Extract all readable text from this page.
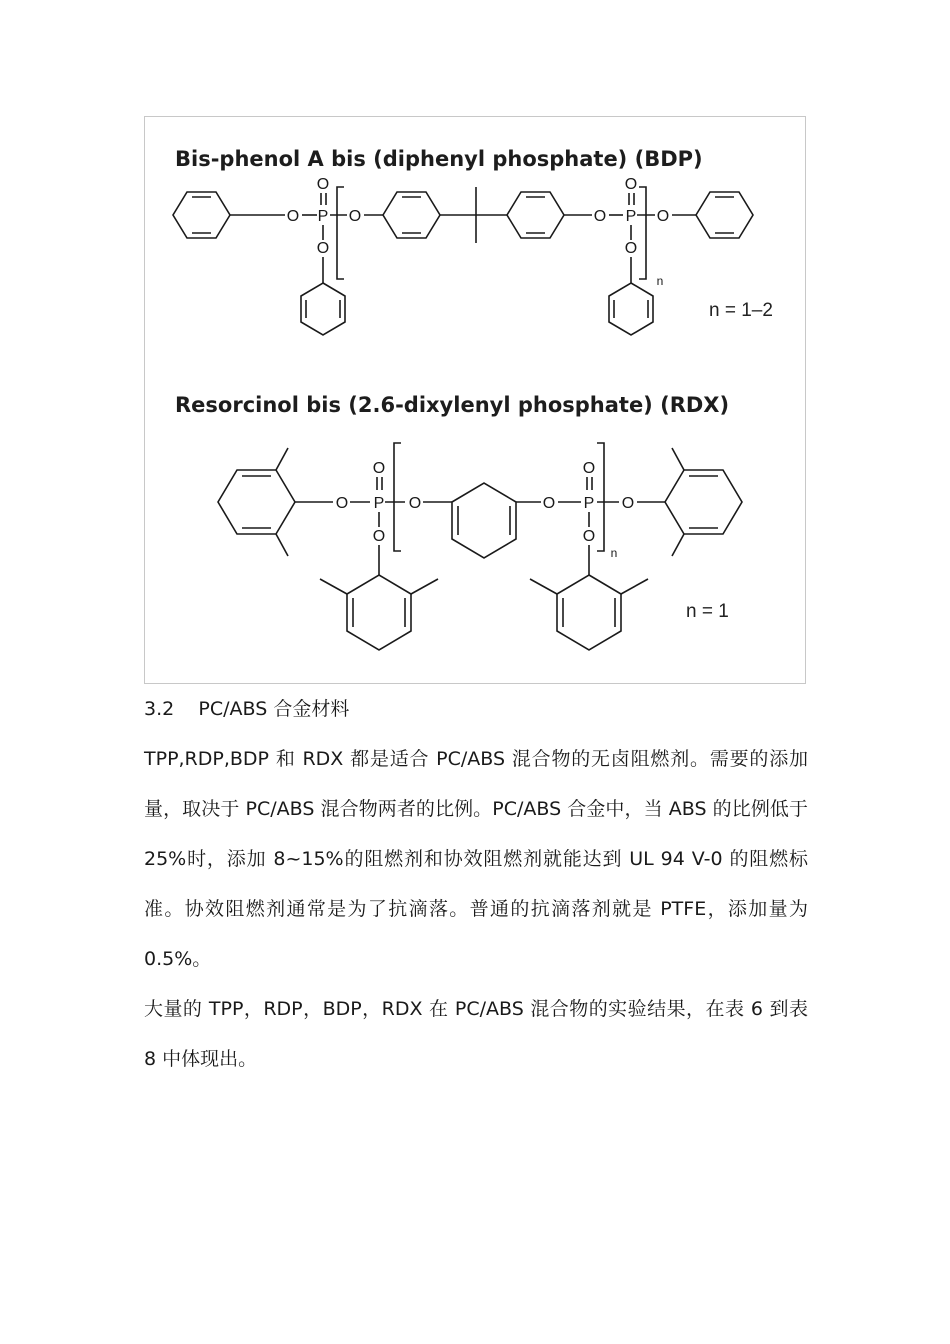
Bis-phenol A bis (diphenyl phosphate) (BDP)
Resorcinol bis (2.6-dixylenyl phosphate) (RDX)
n = 1–2
n = 1
O
O
P
O
O	O
O
P
O
O
n
O
O
P
O
O	O
O
P
O
O
n
3.2 PC/ABS 合金材料

TPP,RDP,BDP 和 RDX 都是适合 PC/ABS 混合物的无卤阻燃剂。需要的添加量，取决于 PC/ABS 混合物两者的比例。PC/ABS 合金中，当 ABS 的比例低于 25%时，添加 8~15%的阻燃剂和协效阻燃剂就能达到 UL 94 V-0 的阻燃标准。协效阻燃剂通常是为了抗滴落。普通的抗滴落剂就是 PTFE，添加量为 0.5%。

大量的 TPP，RDP，BDP，RDX 在 PC/ABS 混合物的实验结果，在表 6 到表 8 中体现出。
